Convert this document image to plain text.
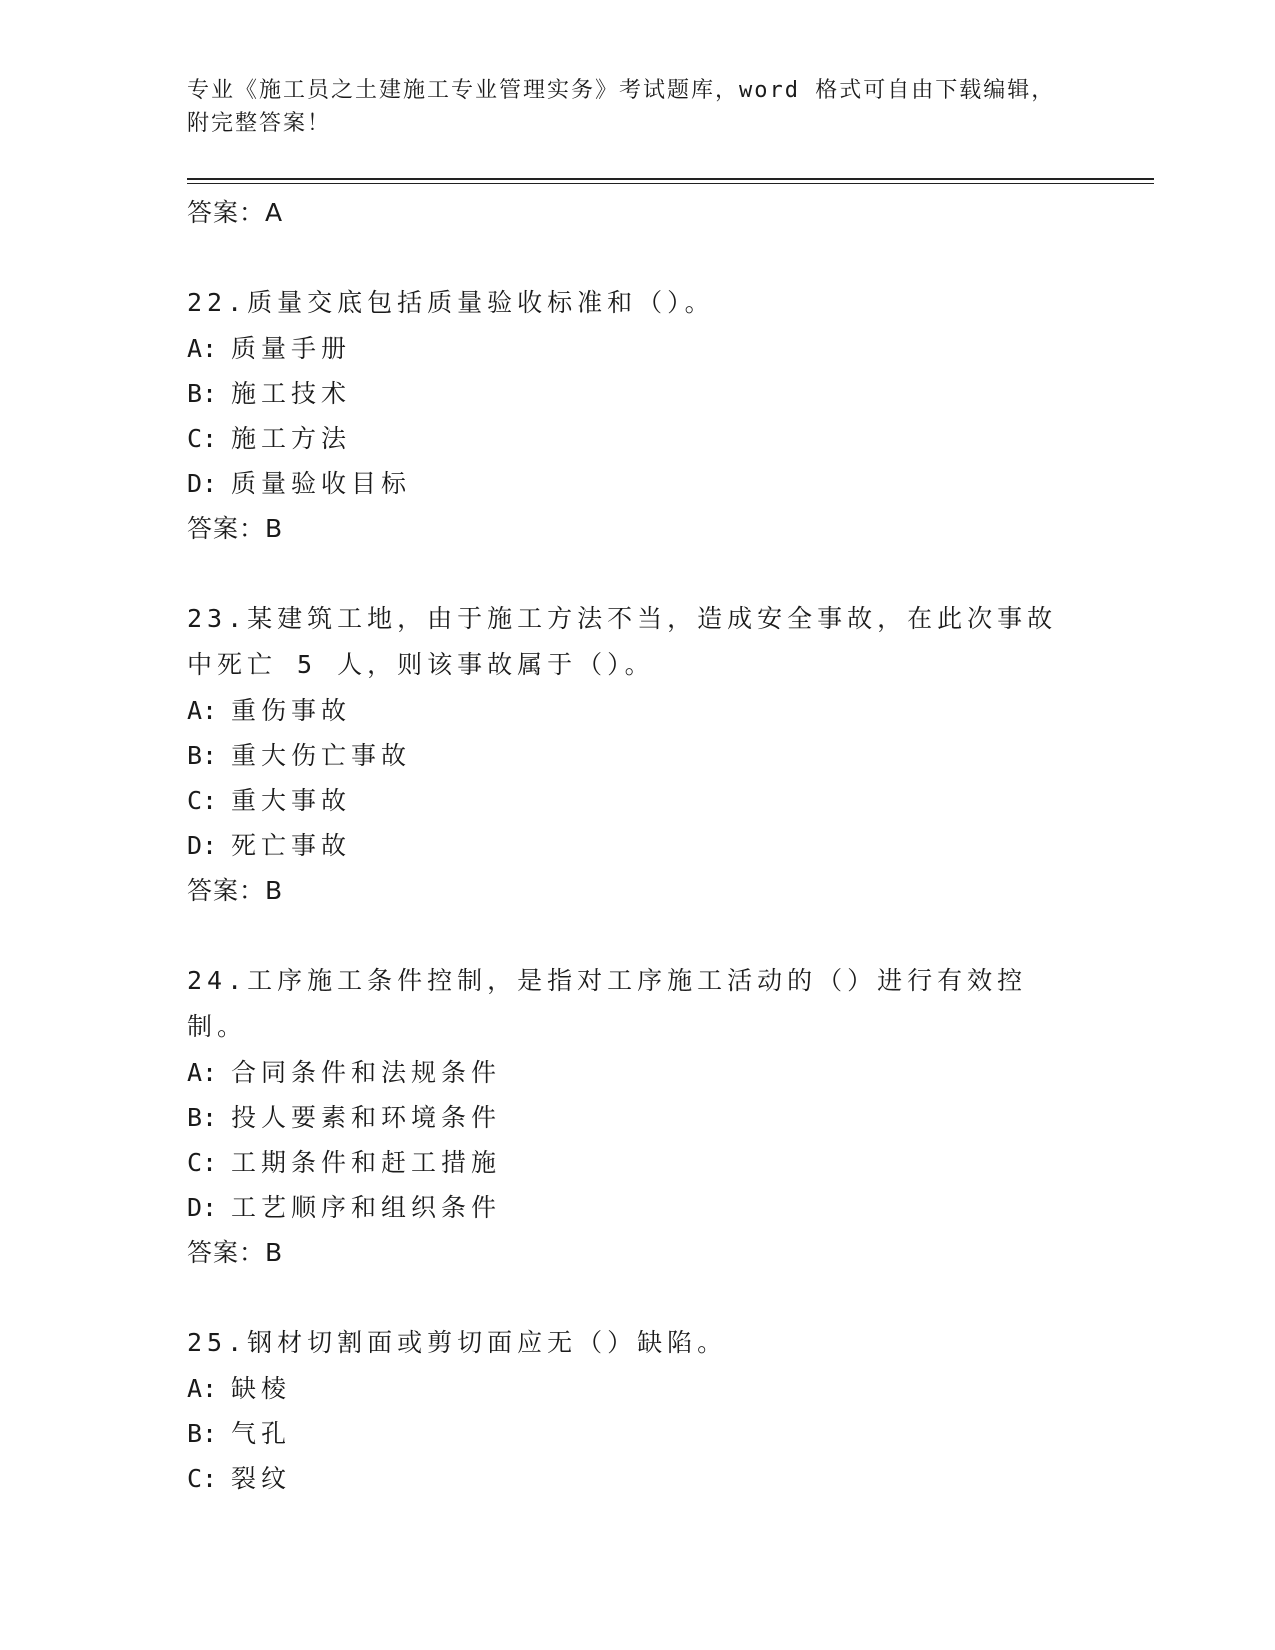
专业《施工员之土建施工专业管理实务》考试题库，word 格式可自由下载编辑，
附完整答案！

答案：A

22.质量交底包括质量验收标准和（）。

A: 质量手册

B: 施工技术

C: 施工方法

D: 质量验收目标

答案：B

23.某建筑工地，由于施工方法不当，造成安全事故，在此次事故中死亡 5 人，则该事故属于（）。

A: 重伤事故

B: 重大伤亡事故

C: 重大事故

D: 死亡事故

答案：B

24.工序施工条件控制，是指对工序施工活动的（）进行有效控制。

A: 合同条件和法规条件

B: 投人要素和环境条件

C: 工期条件和赶工措施

D: 工艺顺序和组织条件

答案：B

25.钢材切割面或剪切面应无（）缺陷。

A: 缺棱

B: 气孔

C: 裂纹
